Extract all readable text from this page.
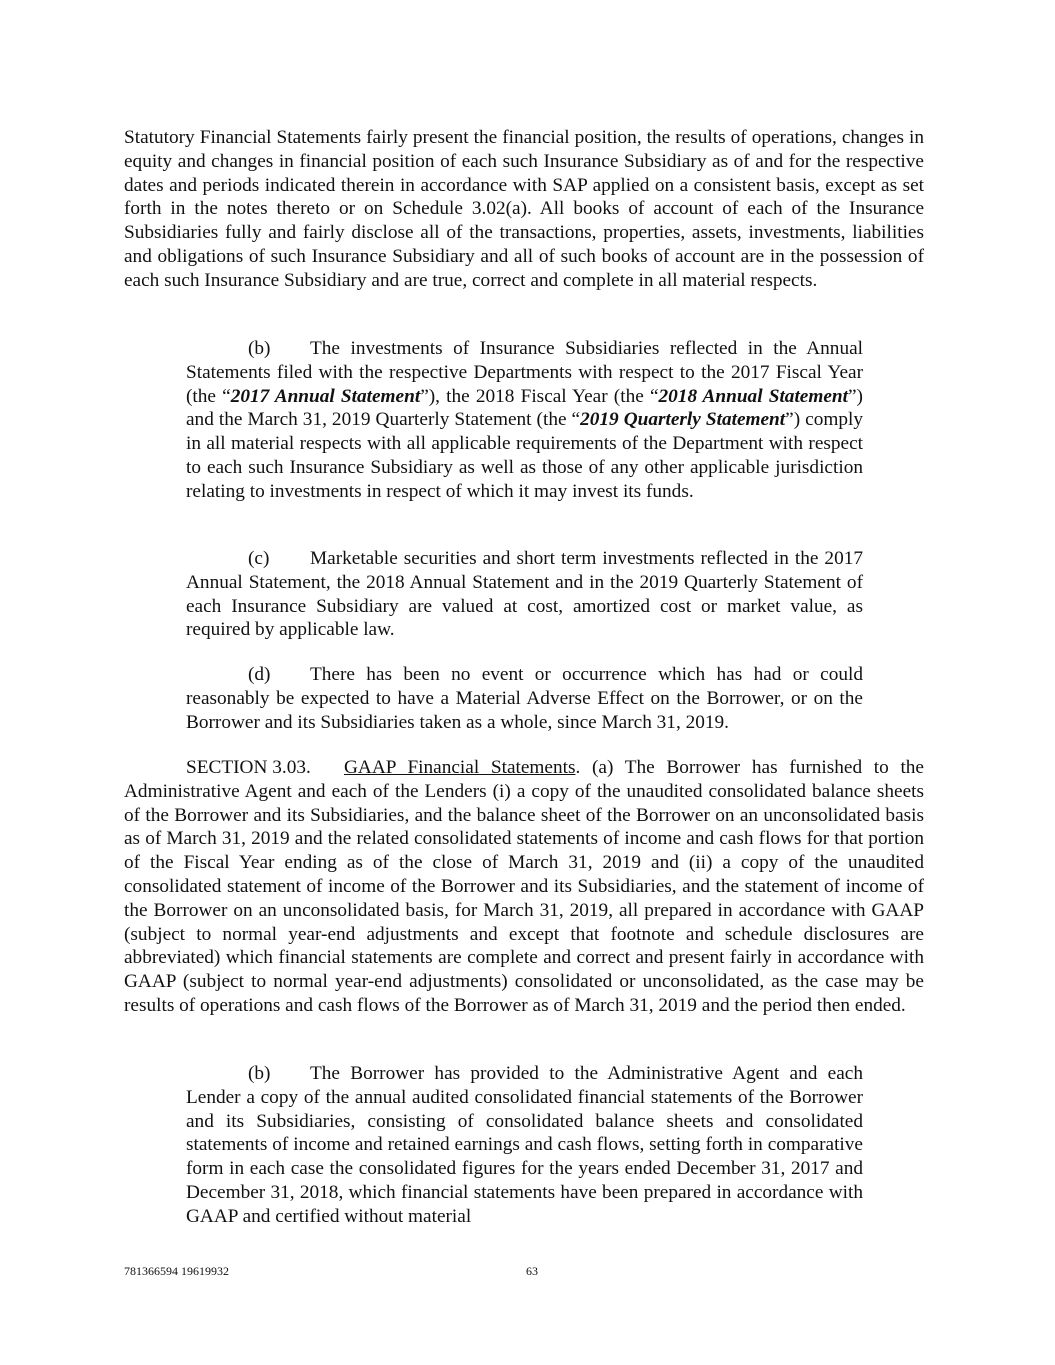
Statutory Financial Statements fairly present the financial position, the results of operations, changes in equity and changes in financial position of each such Insurance Subsidiary as of and for the respective dates and periods indicated therein in accordance with SAP applied on a consistent basis, except as set forth in the notes thereto or on Schedule 3.02(a). All books of account of each of the Insurance Subsidiaries fully and fairly disclose all of the transactions, properties, assets, investments, liabilities and obligations of such Insurance Subsidiary and all of such books of account are in the possession of each such Insurance Subsidiary and are true, correct and complete in all material respects.

(b) The investments of Insurance Subsidiaries reflected in the Annual Statements filed with the respective Departments with respect to the 2017 Fiscal Year (the “2017 Annual Statement”), the 2018 Fiscal Year (the “2018 Annual Statement”) and the March 31, 2019 Quarterly Statement (the “2019 Quarterly Statement”) comply in all material respects with all applicable requirements of the Department with respect to each such Insurance Subsidiary as well as those of any other applicable jurisdiction relating to investments in respect of which it may invest its funds.

(c) Marketable securities and short term investments reflected in the 2017 Annual Statement, the 2018 Annual Statement and in the 2019 Quarterly Statement of each Insurance Subsidiary are valued at cost, amortized cost or market value, as required by applicable law.

(d) There has been no event or occurrence which has had or could reasonably be expected to have a Material Adverse Effect on the Borrower, or on the Borrower and its Subsidiaries taken as a whole, since March 31, 2019.

SECTION 3.03. GAAP Financial Statements. (a) The Borrower has furnished to the Administrative Agent and each of the Lenders (i) a copy of the unaudited consolidated balance sheets of the Borrower and its Subsidiaries, and the balance sheet of the Borrower on an unconsolidated basis as of March 31, 2019 and the related consolidated statements of income and cash flows for that portion of the Fiscal Year ending as of the close of March 31, 2019 and (ii) a copy of the unaudited consolidated statement of income of the Borrower and its Subsidiaries, and the statement of income of the Borrower on an unconsolidated basis, for March 31, 2019, all prepared in accordance with GAAP (subject to normal year-end adjustments and except that footnote and schedule disclosures are abbreviated) which financial statements are complete and correct and present fairly in accordance with GAAP (subject to normal year-end adjustments) consolidated or unconsolidated, as the case may be results of operations and cash flows of the Borrower as of March 31, 2019 and the period then ended.

(b) The Borrower has provided to the Administrative Agent and each Lender a copy of the annual audited consolidated financial statements of the Borrower and its Subsidiaries, consisting of consolidated balance sheets and consolidated statements of income and retained earnings and cash flows, setting forth in comparative form in each case the consolidated figures for the years ended December 31, 2017 and December 31, 2018, which financial statements have been prepared in accordance with GAAP and certified without material

781366594 19619932	63
